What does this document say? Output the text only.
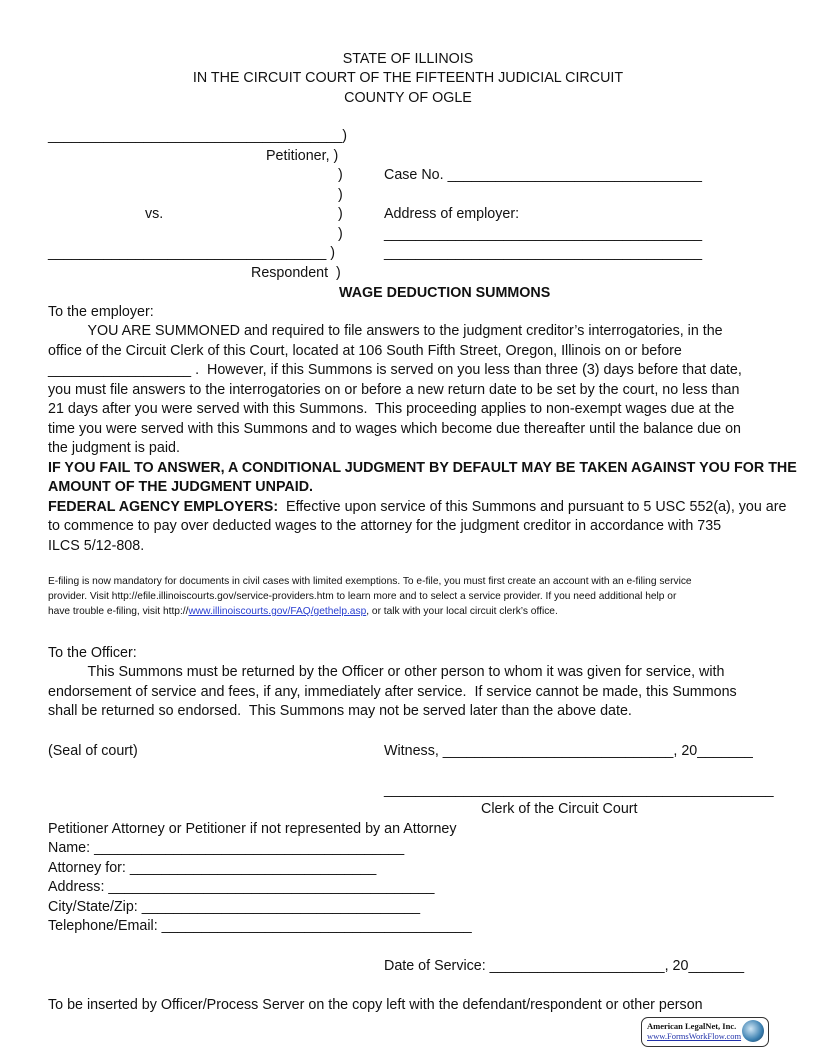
STATE OF ILLINOIS
IN THE CIRCUIT COURT OF THE FIFTEENTH JUDICIAL CIRCUIT
COUNTY OF OGLE
_____________________________________)
Petitioner, )
)	Case No. ________________________________
)
vs.	)	Address of employer:
)	________________________________________
___________________________________ )	________________________________________
Respondent  )
WAGE DEDUCTION SUMMONS
To the employer:
YOU ARE SUMMONED and required to file answers to the judgment creditor’s interrogatories, in the
office of the Circuit Clerk of this Court, located at 106 South Fifth Street, Oregon, Illinois on or before
__________________ .  However, if this Summons is served on you less than three (3) days before that date,
you must file answers to the interrogatories on or before a new return date to be set by the court, no less than
21 days after you were served with this Summons.  This proceeding applies to non-exempt wages due at the
time you were served with this Summons and to wages which become due thereafter until the balance due on
the judgment is paid.
IF YOU FAIL TO ANSWER, A CONDITIONAL JUDGMENT BY DEFAULT MAY BE TAKEN AGAINST YOU FOR THE
AMOUNT OF THE JUDGMENT UNPAID.
FEDERAL AGENCY EMPLOYERS:  Effective upon service of this Summons and pursuant to 5 USC 552(a), you are
to commence to pay over deducted wages to the attorney for the judgment creditor in accordance with 735
ILCS 5/12-808.
E-filing is now mandatory for documents in civil cases with limited exemptions. To e-file, you must first create an account with an e-filing service
provider. Visit http://efile.illinoiscourts.gov/service-providers.htm to learn more and to select a service provider. If you need additional help or
have trouble e-filing, visit http://www.illinoiscourts.gov/FAQ/gethelp.asp, or talk with your local circuit clerk’s office.
To the Officer:
This Summons must be returned by the Officer or other person to whom it was given for service, with
endorsement of service and fees, if any, immediately after service.  If service cannot be made, this Summons
shall be returned so endorsed.  This Summons may not be served later than the above date.
(Seal of court)	Witness, _____________________________, 20_______
_________________________________________________
Clerk of the Circuit Court
Petitioner Attorney or Petitioner if not represented by an Attorney
Name: _______________________________________
Attorney for: _______________________________
Address: _________________________________________
City/State/Zip: ___________________________________
Telephone/Email: _______________________________________
Date of Service: ______________________, 20_______
To be inserted by Officer/Process Server on the copy left with the defendant/respondent or other person
American LegalNet, Inc.
www.FormsWorkFlow.com
